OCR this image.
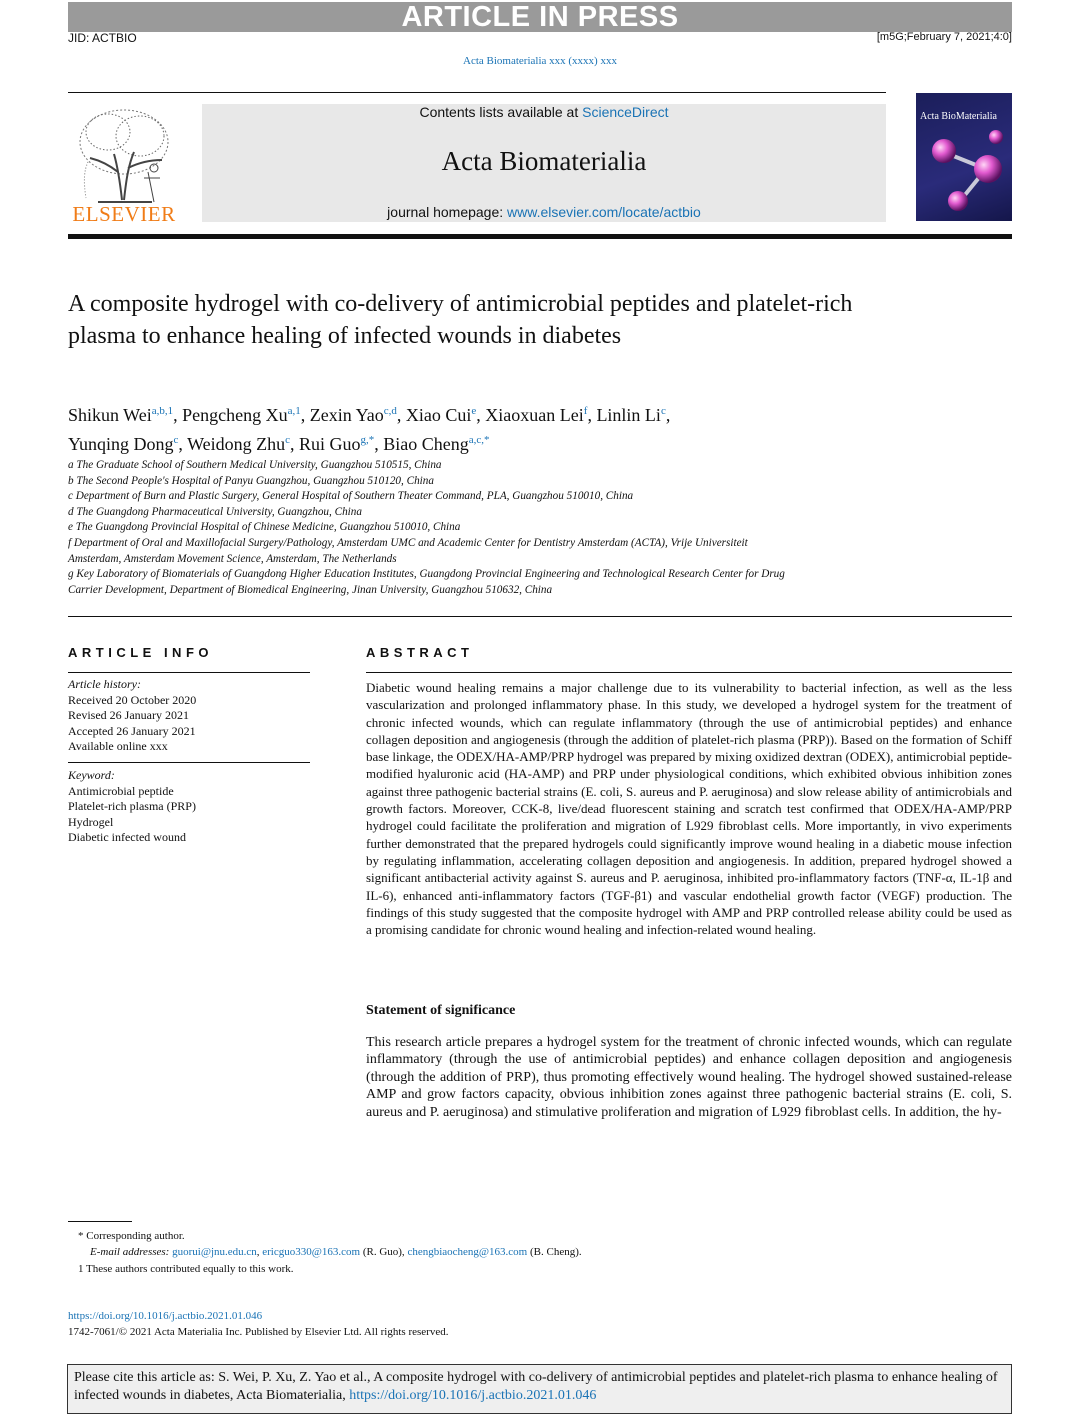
ARTICLE IN PRESS
JID: ACTBIO	[m5G;February 7, 2021;4:0]
Acta Biomaterialia xxx (xxxx) xxx
ELSEVIER
Contents lists available at ScienceDirect
Acta Biomaterialia
journal homepage: www.elsevier.com/locate/actbio
Acta BioMaterialia
A composite hydrogel with co-delivery of antimicrobial peptides and platelet-rich plasma to enhance healing of infected wounds in diabetes
Shikun Wei$^{a,b,1}$, Pengcheng Xu$^{a,1}$, Zexin Yao$^{c,d}$, Xiao Cui$^e$, Xiaoxuan Lei$^f$, Linlin Li$^c$,
Yunqing Dong$^c$, Weidong Zhu$^c$, Rui Guo$^{g,*}$, Biao Cheng$^{a,c,*}$
a The Graduate School of Southern Medical University, Guangzhou 510515, China
b The Second People's Hospital of Panyu Guangzhou, Guangzhou 510120, China
c Department of Burn and Plastic Surgery, General Hospital of Southern Theater Command, PLA, Guangzhou 510010, China
d The Guangdong Pharmaceutical University, Guangzhou, China
e The Guangdong Provincial Hospital of Chinese Medicine, Guangzhou 510010, China
f Department of Oral and Maxillofacial Surgery/Pathology, Amsterdam UMC and Academic Center for Dentistry Amsterdam (ACTA), Vrije Universiteit
Amsterdam, Amsterdam Movement Science, Amsterdam, The Netherlands
g Key Laboratory of Biomaterials of Guangdong Higher Education Institutes, Guangdong Provincial Engineering and Technological Research Center for Drug
Carrier Development, Department of Biomedical Engineering, Jinan University, Guangzhou 510632, China
ARTICLE INFO	ABSTRACT
Article history:
Received 20 October 2020
Revised 26 January 2021
Accepted 26 January 2021
Available online xxx
Keyword:
Antimicrobial peptide
Platelet-rich plasma (PRP)
Hydrogel
Diabetic infected wound
Diabetic wound healing remains a major challenge due to its vulnerability to bacterial infection, as well as the less vascularization and prolonged inflammatory phase. In this study, we developed a hydrogel system for the treatment of chronic infected wounds, which can regulate inflammatory (through the use of antimicrobial peptides) and enhance collagen deposition and angiogenesis (through the addition of platelet-rich plasma (PRP)). Based on the formation of Schiff base linkage, the ODEX/HA-AMP/PRP hydrogel was prepared by mixing oxidized dextran (ODEX), antimicrobial peptide-modified hyaluronic acid (HA-AMP) and PRP under physiological conditions, which exhibited obvious inhibition zones against three pathogenic bacterial strains (E. coli, S. aureus and P. aeruginosa) and slow release ability of antimicrobials and growth factors. Moreover, CCK-8, live/dead fluorescent staining and scratch test confirmed that ODEX/HA-AMP/PRP hydrogel could facilitate the proliferation and migration of L929 fibroblast cells. More importantly, in vivo experiments further demonstrated that the prepared hydrogels could significantly improve wound healing in a diabetic mouse infection by regulating inflammation, accelerating collagen deposition and angiogenesis. In addition, prepared hydrogel showed a significant antibacterial activity against S. aureus and P. aeruginosa, inhibited pro-inflammatory factors (TNF-α, IL-1β and IL-6), enhanced anti-inflammatory factors (TGF-β1) and vascular endothelial growth factor (VEGF) production. The findings of this study suggested that the composite hydrogel with AMP and PRP controlled release ability could be used as a promising candidate for chronic wound healing and infection-related wound healing.
Statement of significance
This research article prepares a hydrogel system for the treatment of chronic infected wounds, which can regulate inflammatory (through the use of antimicrobial peptides) and enhance collagen deposition and angiogenesis (through the addition of PRP), thus promoting effectively wound healing. The hydrogel showed sustained-release AMP and grow factors capacity, obvious inhibition zones against three pathogenic bacterial strains (E. coli, S. aureus and P. aeruginosa) and stimulative proliferation and migration of L929 fibroblast cells. In addition, the hy-
* Corresponding author.
E-mail addresses: guorui@jnu.edu.cn, ericguo330@163.com (R. Guo), chengbiaocheng@163.com (B. Cheng).
1 These authors contributed equally to this work.
https://doi.org/10.1016/j.actbio.2021.01.046
1742-7061/© 2021 Acta Materialia Inc. Published by Elsevier Ltd. All rights reserved.
Please cite this article as: S. Wei, P. Xu, Z. Yao et al., A composite hydrogel with co-delivery of antimicrobial peptides and platelet-rich plasma to enhance healing of infected wounds in diabetes, Acta Biomaterialia, https://doi.org/10.1016/j.actbio.2021.01.046
